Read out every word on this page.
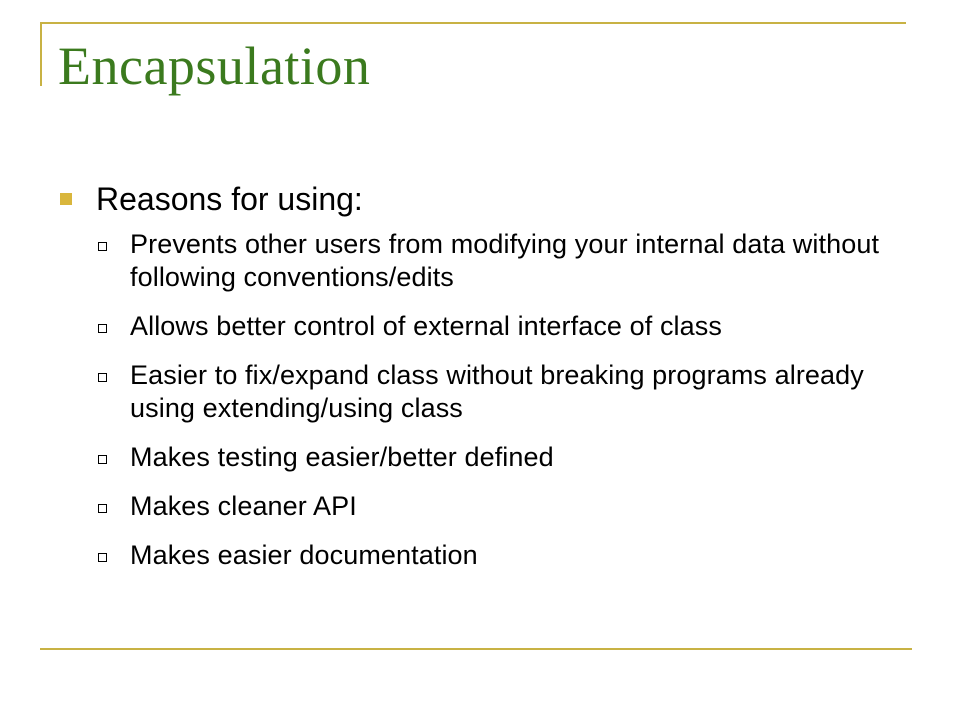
Encapsulation
Reasons for using:
Prevents other users from modifying your internal data without following conventions/edits
Allows better control of external interface of class
Easier to fix/expand class without breaking programs already using extending/using class
Makes testing easier/better defined
Makes cleaner API
Makes easier documentation
